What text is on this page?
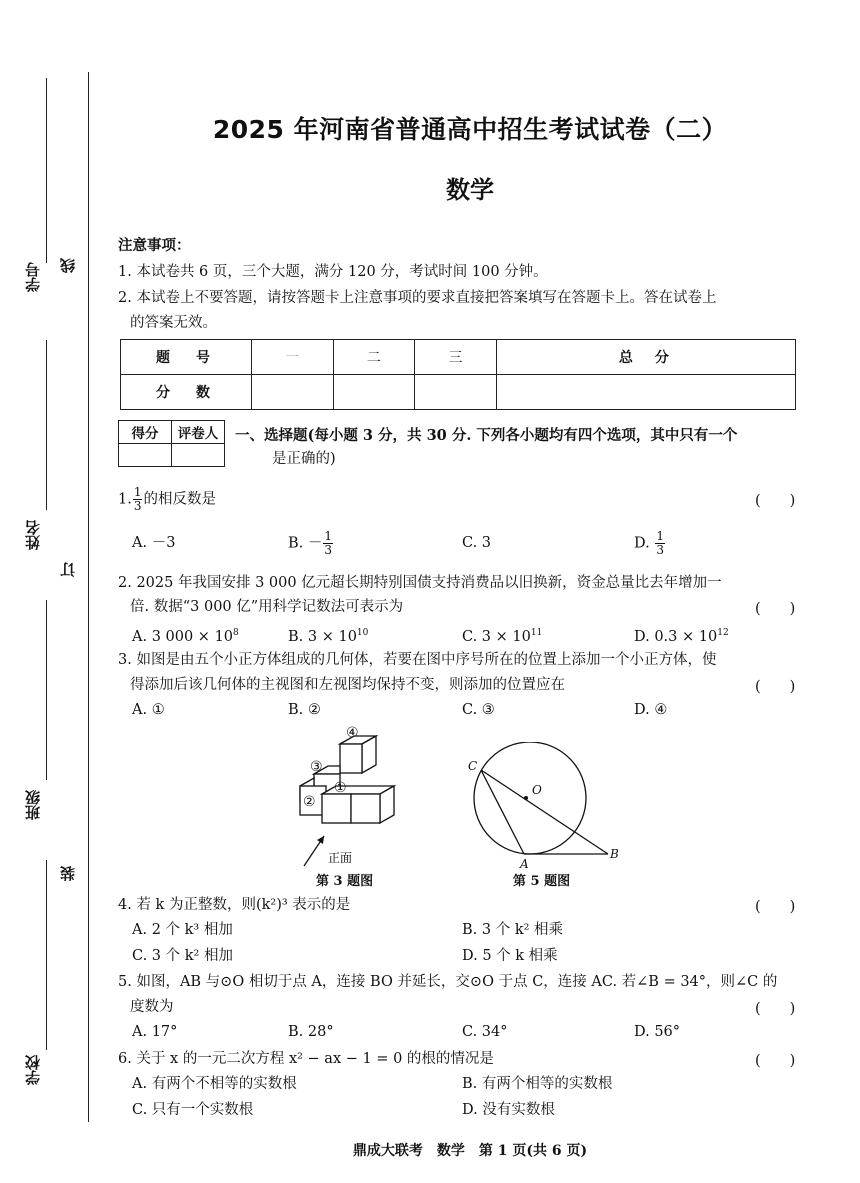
学号
姓名
班级
学校
线
订
装
2025 年河南省普通高中招生考试试卷（二）
数学
注意事项：
1. 本试卷共 6 页，三个大题，满分 120 分，考试时间 100 分钟。
2. 本试卷上不要答题，请按答题卡上注意事项的要求直接把答案填写在答题卡上。答在试卷上
的答案无效。
题　号	一	二	三	总　分
分　数				
得分	评卷人
	一、选择题(每小题 3 分，共 30 分. 下列各小题均有四个选项，其中只有一个
是正确的)
1. $\frac{1}{3}$ 的相反数是	(　　)
A. －3	B. － $\frac{1}{3}$	C. 3	D. $\frac{1}{3}$
2. 2025 年我国安排 3 000 亿元超长期特别国债支持消费品以旧换新，资金总量比去年增加一
倍. 数据“3 000 亿”用科学记数法可表示为	(　　)
A. 3 $000 \times 10^8$	B. $3 \times 10^{10}$	C. $3 \times 10^{11}$	D. $0.3 \times 10^{12}$
3. 如图是由五个小正方体组成的几何体，若要在图中序号所在的位置上添加一个小正方体，使
得添加后该几何体的主视图和左视图均保持不变，则添加的位置应在	(　　)
A. ①	B. ②	C. ③	D. ④
④
③
②
①
正面
第 3 题图
C
O
A
B
第 5 题图
4. 若 k 为正整数，则(k²)³ 表示的是	(　　)
A. 2 个 k³ 相加	B. 3 个 k² 相乘
C. 3 个 k² 相加	D. 5 个 k 相乘
5. 如图，AB 与⊙O 相切于点 A，连接 BO 并延长，交⊙O 于点 C，连接 AC. 若∠B = 34°，则∠C 的
度数为	(　　)
A. 17°	B. 28°	C. 34°	D. 56°
6. 关于 x 的一元二次方程 x² − ax − 1 = 0 的根的情况是	(　　)
A. 有两个不相等的实数根	B. 有两个相等的实数根
C. 只有一个实数根	D. 没有实数根
鼎成大联考　数学　第 1 页(共 6 页)
